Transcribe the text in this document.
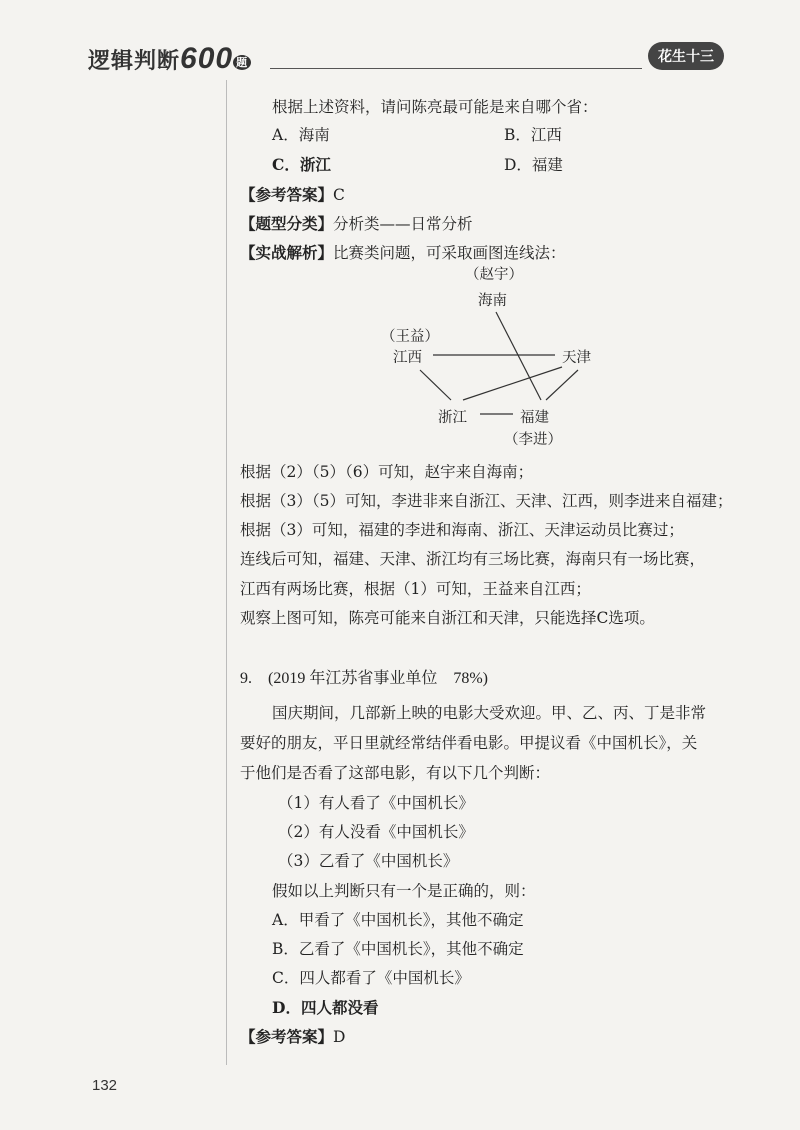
逻辑判断600 题	花生十三
根据上述资料，请问陈亮最可能是来自哪个省：
A．海南	B．江西
C．浙江	D．福建
【参考答案】C
【题型分类】分析类——日常分析
【实战解析】比赛类问题，可采取画图连线法：
（赵宇）
海南
（王益）
江西	天津
浙江	福建
（李进）
根据（2）（5）（6）可知，赵宇来自海南；
根据（3）（5）可知，李进非来自浙江、天津、江西，则李进来自福建；
根据（3）可知，福建的李进和海南、浙江、天津运动员比赛过；
连线后可知，福建、天津、浙江均有三场比赛，海南只有一场比赛，
江西有两场比赛，根据（1）可知，王益来自江西；
观察上图可知，陈亮可能来自浙江和天津，只能选择C选项。
9.　(2019 年江苏省事业单位　78%)
国庆期间，几部新上映的电影大受欢迎。甲、乙、丙、丁是非常
要好的朋友，平日里就经常结伴看电影。甲提议看《中国机长》，关
于他们是否看了这部电影，有以下几个判断：
（1）有人看了《中国机长》
（2）有人没看《中国机长》
（3）乙看了《中国机长》
假如以上判断只有一个是正确的，则：
A．甲看了《中国机长》，其他不确定
B．乙看了《中国机长》，其他不确定
C．四人都看了《中国机长》
D．四人都没看
【参考答案】D
132
